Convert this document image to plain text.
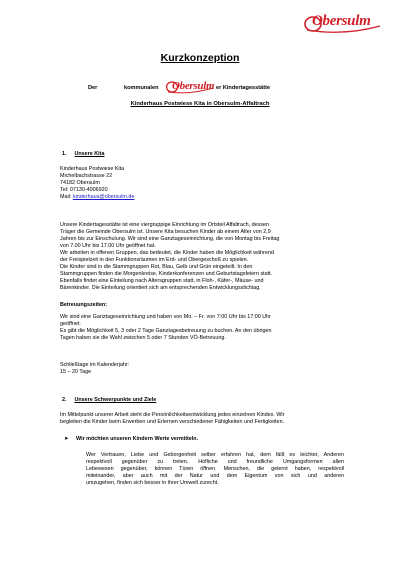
Obersulm
Kurzkonzeption
Der	kommunalen Obersulm er Kindertagesstätte
Kinderhaus Postwiese Kita in Obersulm-Affaltrach
1. Unsere Kita
Kinderhaus Postwiese Kita
Michelbachstrasse 22
74182 Obersulm
Tel: 07130-4006920
Mail: kinderhaus@obersulm.de
Unsere Kindertagesstätte ist eine viergruppige Einrichtung im Ortsteil Affaltrach, dessen
Träger die Gemeinde Obersulm ist. Unsere Kita besuchen Kinder ab einem Alter von 2,9
Jahren bis zur Einschulung. Wir sind eine Ganztageseinrichtung, die von Montag bis Freitag
von 7.00 Uhr bis 17.00 Uhr geöffnet hat.
Wir arbeiten in offenen Gruppen, das bedeutet, die Kinder haben die Möglichkeit während
der Freispielzeit in den Funktionsräumen im Erd- und Obergeschoß zu spielen.
Die Kinder sind in die Stammgruppen Rot, Blau, Gelb und Grün eingeteilt. In den
Stammgruppen finden die Morgenkreise, Kinderkonferenzen und Geburtstagsfeiern statt.
Ebenfalls findet eine Einteilung nach Altersgruppen statt, in Floh-, Käfer-, Mäuse- und
Bärenkinder. Die Einteilung orientiert sich am entsprechenden Entwicklungsstichtag.
Betreuungszeiten:
Wir sind eine Ganztageseinrichtung und haben von Mo. – Fr. von 7:00 Uhr bis 17:00 Uhr
geöffnet.
Es gibt die Möglichkeit 5, 3 oder 2 Tage Ganztagesbetreuung zu buchen. An den übrigen
Tagen haben sie die Wahl zwischen 5 oder 7 Stunden VÖ-Betreuung.
Schließtage im Kalenderjahr:
15 – 20 Tage
2. Unsere Schwerpunkte und Ziele
Im Mittelpunkt unserer Arbeit steht die Persönlichkeitsentwicklung jedes einzelnen Kindes. Wir
begleiten die Kinder beim Erwerben und Erlernen verschiedener Fähigkeiten und Fertigkeiten.
➤ Wir möchten unseren Kindern Werte vermitteln.
Wer Vertrauen, Liebe und Geborgenheit selber erfahren hat, dem fällt es leichter, Anderen
respektvoll gegenüber zu treten. Höfliche und freundliche Umgangsformen allen
Lebewesen gegenüber, können Türen öffnen. Menschen, die gelernt haben, respektvoll
miteinander, aber auch mit der Natur und dem Eigentum von sich und anderen
umzugehen, finden sich besser in ihrer Umwelt zurecht.
